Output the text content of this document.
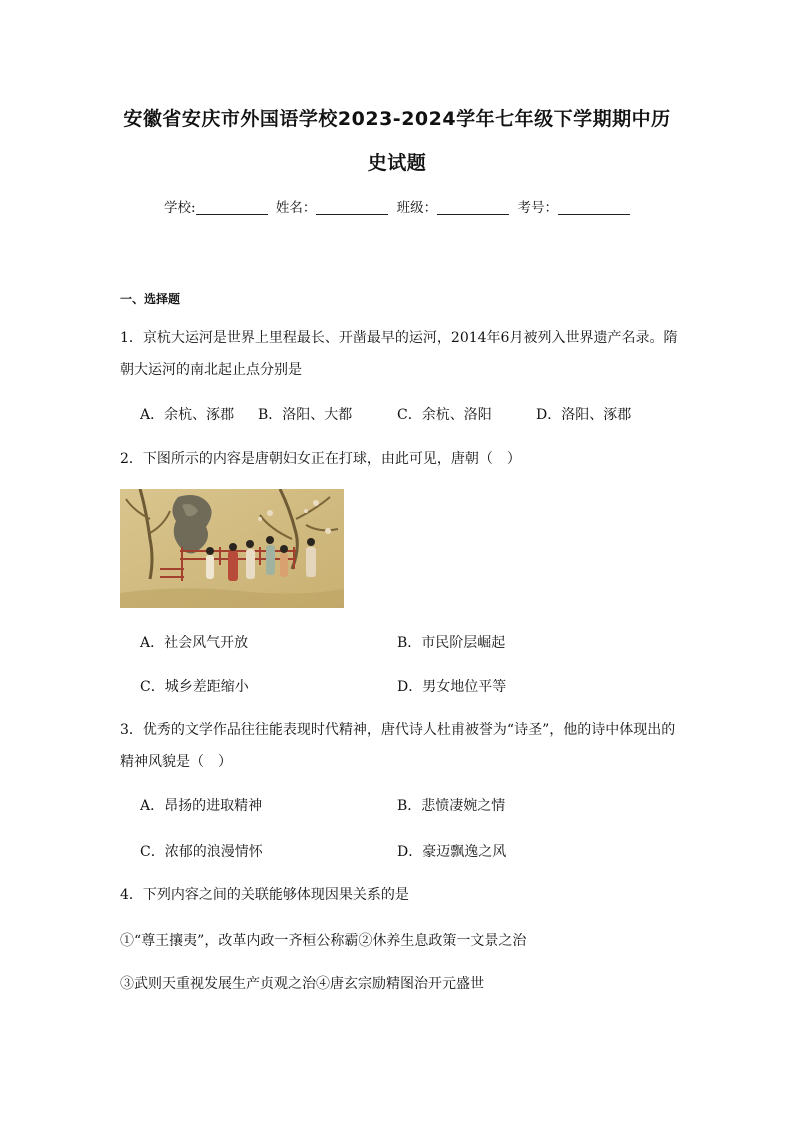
安徽省安庆市外国语学校2023-2024学年七年级下学期期中历
史试题
学校:	姓名：	班级：	考号：
一、选择题
1．京杭大运河是世界上里程最长、开凿最早的运河，2014年6月被列入世界遗产名录。隋
朝大运河的南北起止点分别是
A．余杭、涿郡 B．洛阳、大都	C．余杭、洛阳	D．洛阳、涿郡
2．下图所示的内容是唐朝妇女正在打球，由此可见，唐朝（　）
A．社会风气开放	B．市民阶层崛起
C．城乡差距缩小	D．男女地位平等
3．优秀的文学作品往往能表现时代精神，唐代诗人杜甫被誉为“诗圣”，他的诗中体现出的
精神风貌是（　）
A．昂扬的进取精神	B．悲愤凄婉之情
C．浓郁的浪漫情怀	D．豪迈飘逸之风
4．下列内容之间的关联能够体现因果关系的是
①“尊王攘夷”，改革内政一齐桓公称霸②休养生息政策一文景之治
③武则天重视发展生产贞观之治④唐玄宗励精图治开元盛世
